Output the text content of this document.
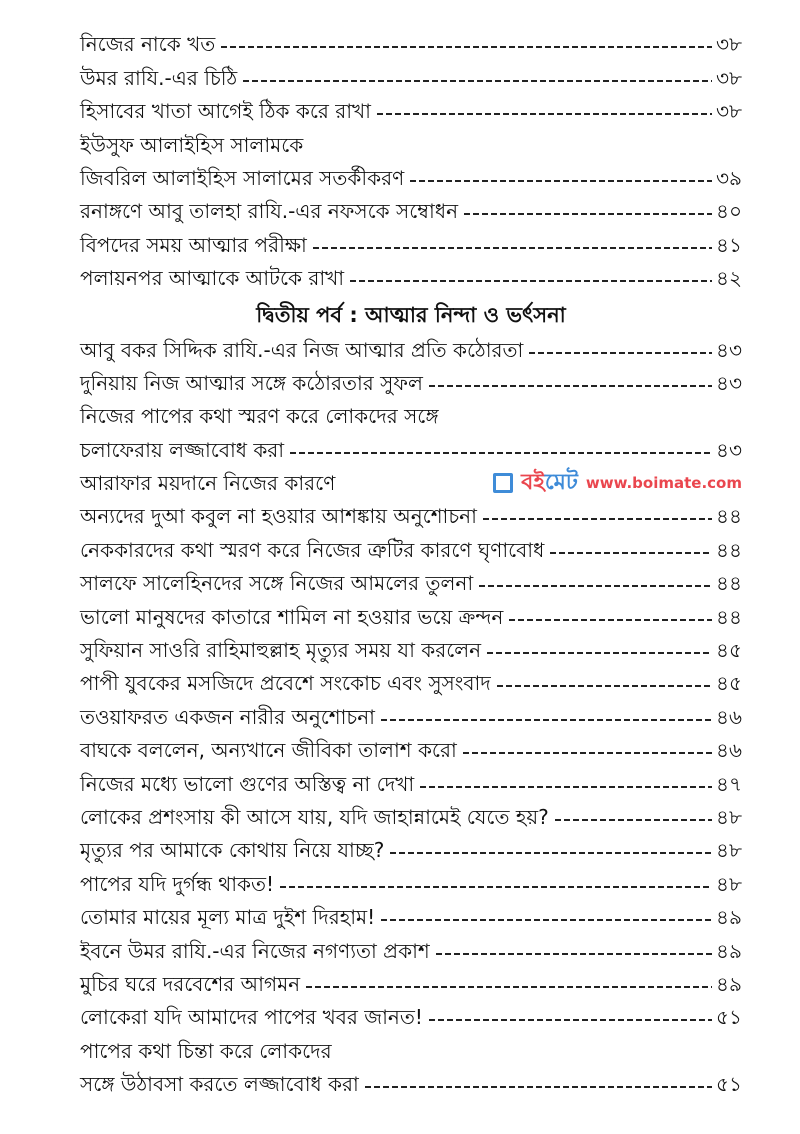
নিজের নাকে খত	৩৮
উমর রাযি.-এর চিঠি	৩৮
হিসাবের খাতা আগেই ঠিক করে রাখা	৩৮
ইউসুফ আলাইহিস সালামকে
জিবরিল আলাইহিস সালামের সতর্কীকরণ	৩৯
রনাঙ্গণে আবু তালহা রাযি.-এর নফসকে সম্বোধন	৪০
বিপদের সময় আত্মার পরীক্ষা	৪১
পলায়নপর আত্মাকে আটকে রাখা	৪২
দ্বিতীয় পর্ব : আত্মার নিন্দা ও ভর্ৎসনা
আবু বকর সিদ্দিক রাযি.-এর নিজ আত্মার প্রতি কঠোরতা	৪৩
দুনিয়ায় নিজ আত্মার সঙ্গে কঠোরতার সুফল	৪৩
নিজের পাপের কথা স্মরণ করে লোকদের সঙ্গে
চলাফেরায় লজ্জাবোধ করা	৪৩
আরাফার ময়দানে নিজের কারণে	বইমেট www.boimate.com
অন্যদের দুআ কবুল না হওয়ার আশঙ্কায় অনুশোচনা	৪৪
নেককারদের কথা স্মরণ করে নিজের ত্রুটির কারণে ঘৃণাবোধ	৪৪
সালফে সালেহিনদের সঙ্গে নিজের আমলের তুলনা	৪৪
ভালো মানুষদের কাতারে শামিল না হওয়ার ভয়ে ক্রন্দন	৪৪
সুফিয়ান সাওরি রাহিমাহুল্লাহ মৃত্যুর সময় যা করলেন	৪৫
পাপী যুবকের মসজিদে প্রবেশে সংকোচ এবং সুসংবাদ	৪৫
তওয়াফরত একজন নারীর অনুশোচনা	৪৬
বাঘকে বললেন, অন্যখানে জীবিকা তালাশ করো	৪৬
নিজের মধ্যে ভালো গুণের অস্তিত্ব না দেখা	৪৭
লোকের প্রশংসায় কী আসে যায়, যদি জাহান্নামেই যেতে হয়?	৪৮
মৃত্যুর পর আমাকে কোথায় নিয়ে যাচ্ছ?	৪৮
পাপের যদি দুর্গন্ধ থাকত!	৪৮
তোমার মায়ের মূল্য মাত্র দুইশ দিরহাম!	৪৯
ইবনে উমর রাযি.-এর নিজের নগণ্যতা প্রকাশ	৪৯
মুচির ঘরে দরবেশের আগমন	৪৯
লোকেরা যদি আমাদের পাপের খবর জানত!	৫১
পাপের কথা চিন্তা করে লোকদের
সঙ্গে উঠাবসা করতে লজ্জাবোধ করা	৫১
